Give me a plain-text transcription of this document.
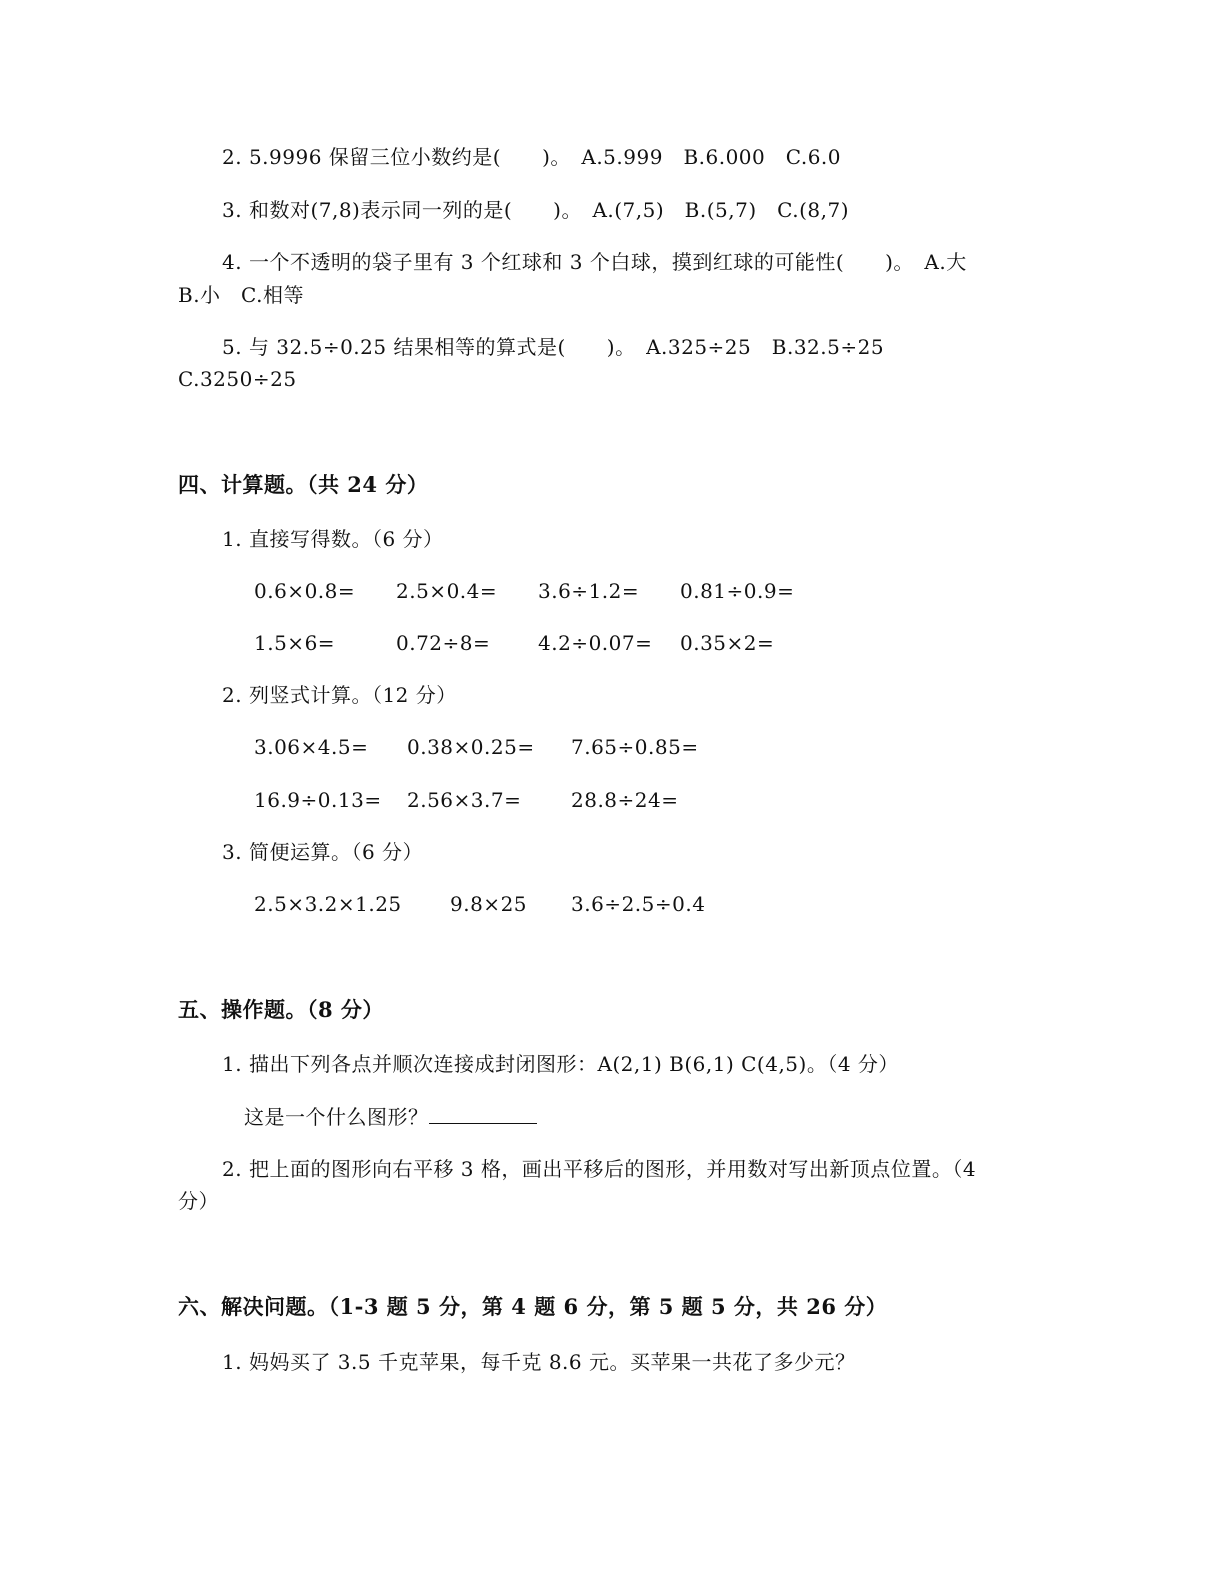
2. 5.9996 保留三位小数约是(　　)。　A.5.999　B.6.000　C.6.0
3. 和数对(7,8)表示同一列的是(　　)。　A.(7,5)　B.(5,7)　C.(8,7)
4. 一个不透明的袋子里有 3 个红球和 3 个白球，摸到红球的可能性(　　)。　A.大
B.小　C.相等
5. 与 32.5÷0.25 结果相等的算式是(　　)。　A.325÷25　B.32.5÷25
C.3250÷25
四、计算题。（共 24 分）
1. 直接写得数。（6 分）
0.6×0.8= 2.5×0.4= 3.6÷1.2= 0.81÷0.9=
1.5×6=	0.72÷8= 4.2÷0.07= 0.35×2=
2. 列竖式计算。（12 分）
3.06×4.5= 0.38×0.25= 7.65÷0.85=
16.9÷0.13= 2.56×3.7= 28.8÷24=
3. 简便运算。（6 分）
2.5×3.2×1.25 9.8×25 3.6÷2.5÷0.4
五、操作题。（8 分）
1. 描出下列各点并顺次连接成封闭图形：A(2,1) B(6,1) C(4,5)。（4 分）
这是一个什么图形？
2. 把上面的图形向右平移 3 格，画出平移后的图形，并用数对写出新顶点位置。（4
分）
六、解决问题。（1-3 题 5 分，第 4 题 6 分，第 5 题 5 分，共 26 分）
1. 妈妈买了 3.5 千克苹果，每千克 8.6 元。买苹果一共花了多少元？
